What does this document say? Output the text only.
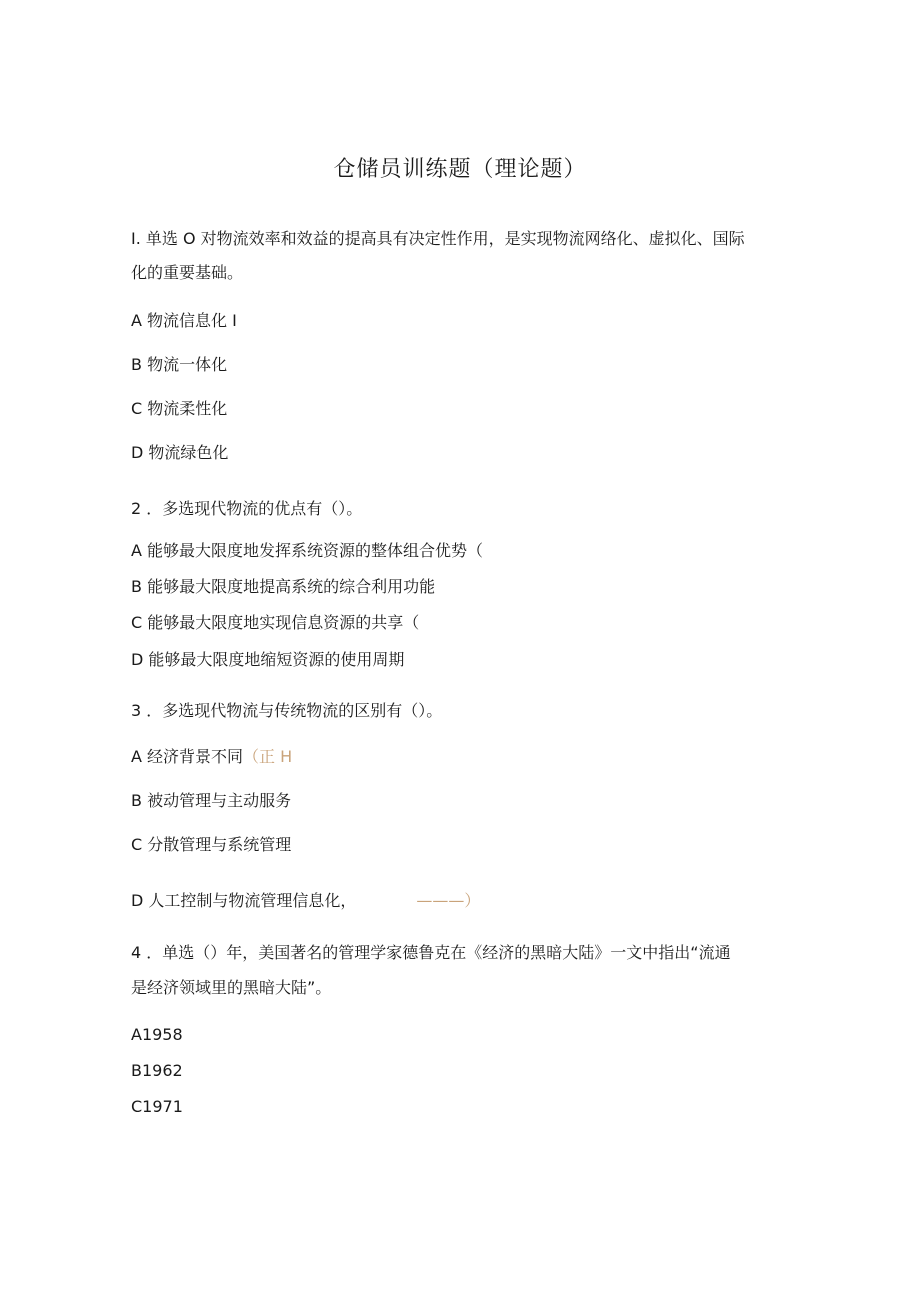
仓储员训练题（理论题）
I. 单选 O 对物流效率和效益的提高具有决定性作用，是实现物流网络化、虚拟化、国际
化的重要基础。
A 物流信息化 I
B 物流一体化
C 物流柔性化
D 物流绿色化
2 ．多选现代物流的优点有（）。
A 能够最大限度地发挥系统资源的整体组合优势（
B 能够最大限度地提高系统的综合利用功能
C 能够最大限度地实现信息资源的共享（
D 能够最大限度地缩短资源的使用周期
3 ．多选现代物流与传统物流的区别有（）。
A 经济背景不同（正 H
B 被动管理与主动服务
C 分散管理与系统管理
D 人工控制与物流管理信息化，	———）
4 ．单选（）年，美国著名的管理学家德鲁克在《经济的黑暗大陆》一文中指出“流通
是经济领域里的黑暗大陆”。
A1958
B1962
C1971
